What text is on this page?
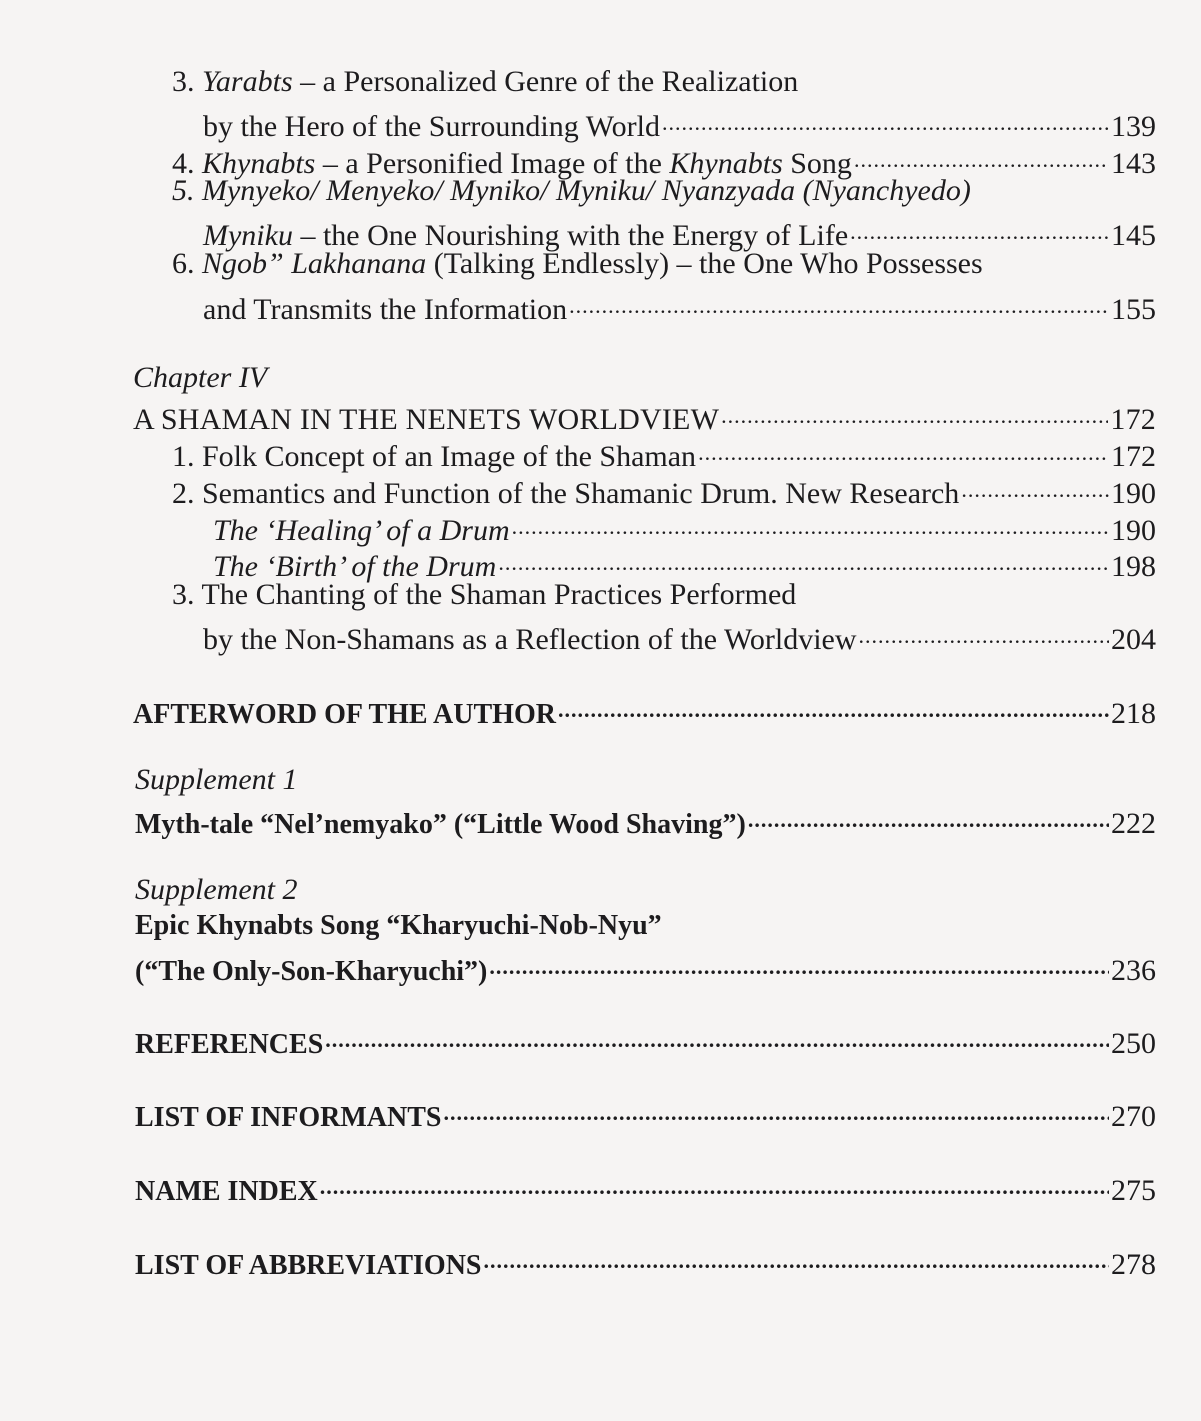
3. Yarabts – a Personalized Genre of the Realization
by the Hero of the Surrounding World .....	139
4. Khynabts – a Personified Image of the Khynabts Song .....	143
5. Mynyeko/ Menyeko/ Myniko/ Myniku/ Nyanzyada (Nyanchyedo)
Myniku – the One Nourishing with the Energy of Life .....	145
6. Ngob” Lakhanana (Talking Endlessly) – the One Who Possesses
and Transmits the Information .....	155
Chapter IV
A SHAMAN IN THE NENETS WORLDVIEW .....	172
1. Folk Concept of an Image of the Shaman .....	172
2. Semantics and Function of the Shamanic Drum. New Research .....	190
The ‘Healing’ of a Drum .....	190
The ‘Birth’ of the Drum .....	198
3. The Chanting of the Shaman Practices Performed
by the Non-Shamans as a Reflection of the Worldview .....	204
AFTERWORD OF THE AUTHOR .....	218
Supplement 1
Myth-tale “Nel’nemyako” (“Little Wood Shaving”) .....	222
Supplement 2
Epic Khynabts Song “Kharyuchi-Nob-Nyu”
(“The Only-Son-Kharyuchi”) .....	236
REFERENCES .....	250
LIST OF INFORMANTS .....	270
NAME INDEX .....	275
LIST OF ABBREVIATIONS .....	278
